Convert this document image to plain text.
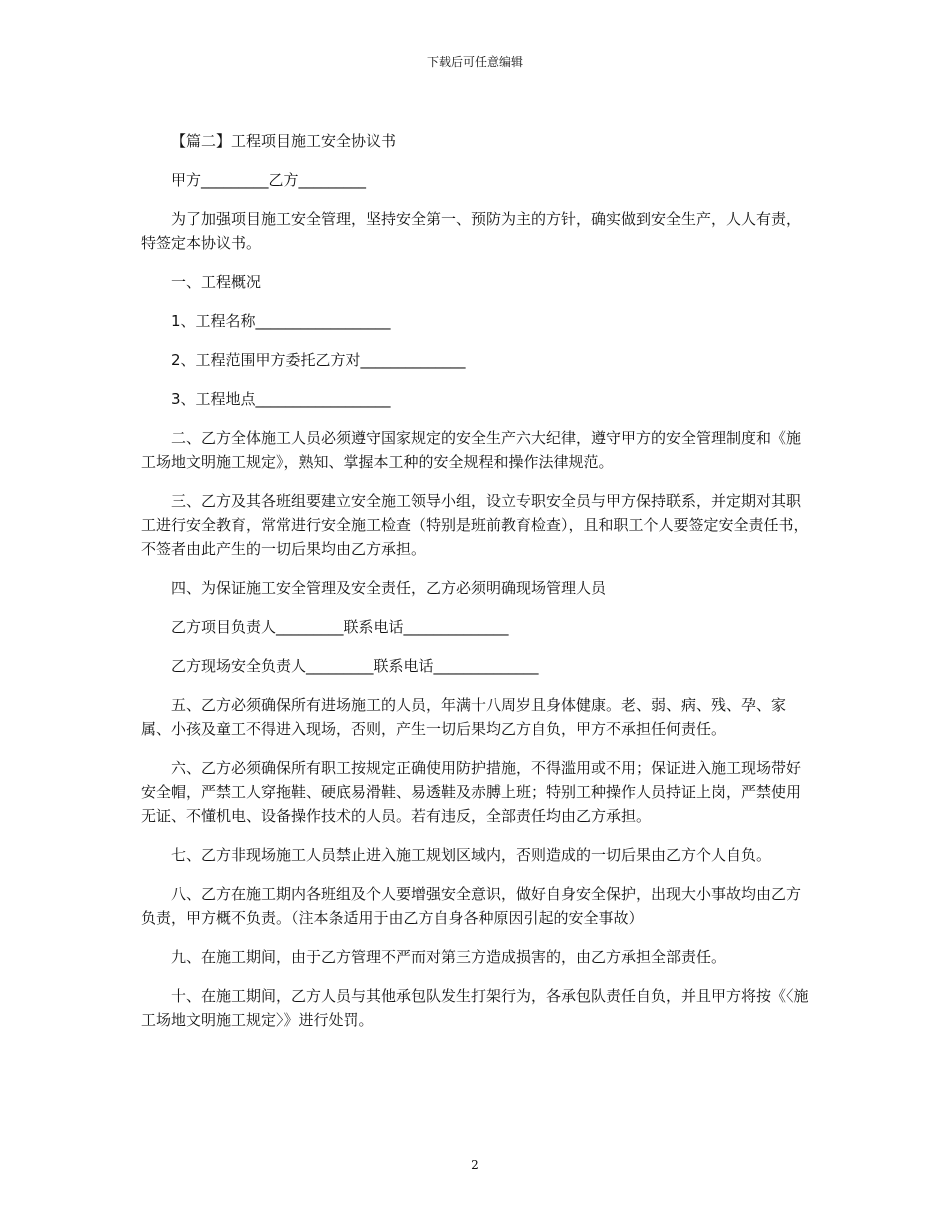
下载后可任意编辑

【篇二】工程项目施工安全协议书

甲方_________乙方_________

为了加强项目施工安全管理，坚持安全第一、预防为主的方针，确实做到安全生产，人人有责，特签定本协议书。

一、工程概况

1、工程名称__________________

2、工程范围甲方委托乙方对______________

3、工程地点__________________

二、乙方全体施工人员必须遵守国家规定的安全生产六大纪律，遵守甲方的安全管理制度和《施工场地文明施工规定》，熟知、掌握本工种的安全规程和操作法律规范。

三、乙方及其各班组要建立安全施工领导小组，设立专职安全员与甲方保持联系，并定期对其职工进行安全教育，常常进行安全施工检查（特别是班前教育检查），且和职工个人要签定安全责任书，不签者由此产生的一切后果均由乙方承担。

四、为保证施工安全管理及安全责任，乙方必须明确现场管理人员

乙方项目负责人_________联系电话______________

乙方现场安全负责人_________联系电话______________

五、乙方必须确保所有进场施工的人员，年满十八周岁且身体健康。老、弱、病、残、孕、家属、小孩及童工不得进入现场，否则，产生一切后果均乙方自负，甲方不承担任何责任。

六、乙方必须确保所有职工按规定正确使用防护措施，不得滥用或不用；保证进入施工现场带好安全帽，严禁工人穿拖鞋、硬底易滑鞋、易透鞋及赤膊上班；特别工种操作人员持证上岗，严禁使用无证、不懂机电、设备操作技术的人员。若有违反，全部责任均由乙方承担。

七、乙方非现场施工人员禁止进入施工规划区域内，否则造成的一切后果由乙方个人自负。

八、乙方在施工期内各班组及个人要增强安全意识，做好自身安全保护，出现大小事故均由乙方负责，甲方概不负责。（注本条适用于由乙方自身各种原因引起的安全事故）

九、在施工期间，由于乙方管理不严而对第三方造成损害的，由乙方承担全部责任。

十、在施工期间，乙方人员与其他承包队发生打架行为，各承包队责任自负，并且甲方将按《〈施工场地文明施工规定〉》进行处罚。

2
